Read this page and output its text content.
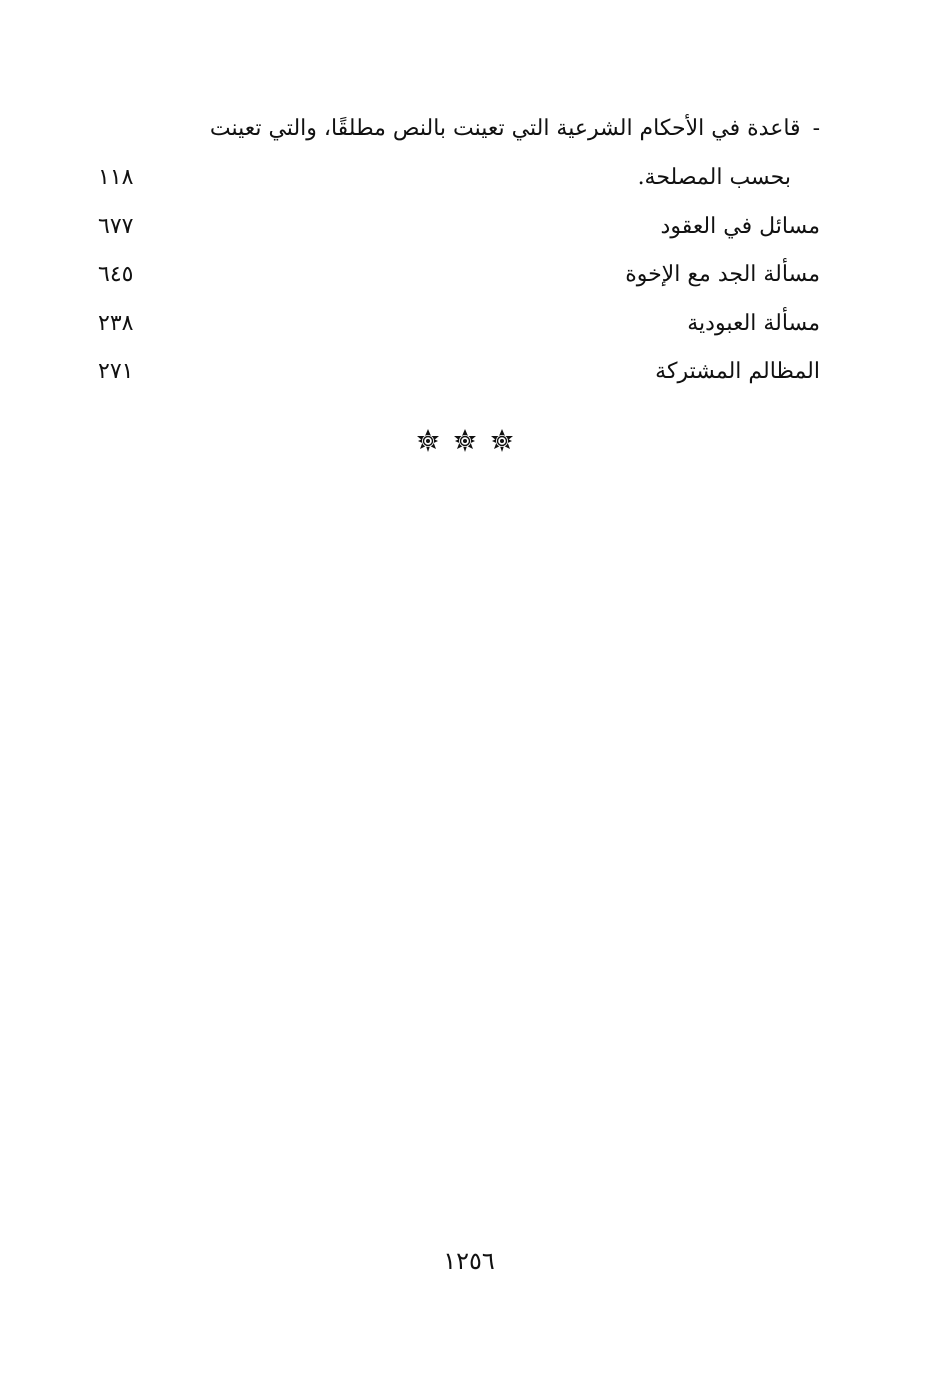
-قاعدة في الأحكام الشرعية التي تعينت بالنص مطلقًا، والتي تعينت
بحسب المصلحة.
١١٨
مسائل في العقود
٦٧٧
مسألة الجد مع الإخوة
٦٤٥
مسألة العبودية
٢٣٨
المظالم المشتركة
٢٧١
١٢٥٦
